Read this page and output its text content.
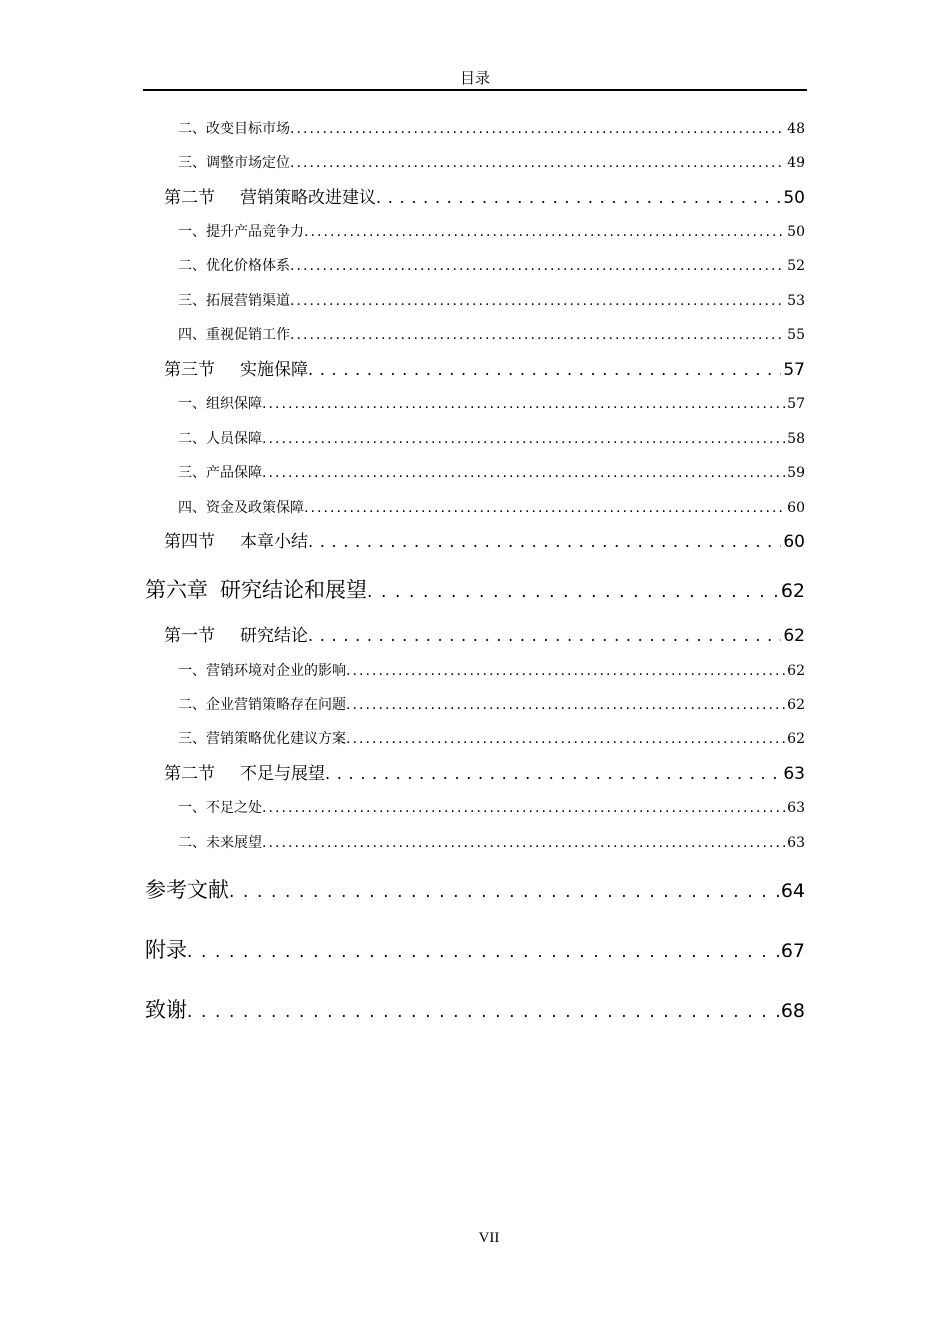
目录
二、改变目标市场 . . .	48
三、调整市场定位 . . .	49
第二节 营销策略改进建议 . . .	50
一、提升产品竞争力 . . .	50
二、优化价格体系 . . .	52
三、拓展营销渠道 . . .	53
四、重视促销工作 . . .	55
第三节 实施保障 . . .	57
一、组织保障 . . .	57
二、人员保障 . . .	58
三、产品保障 . . .	59
四、资金及政策保障 . . .	60
第四节 本章小结 . . .	60
第六章 研究结论和展望 . . .	62
第一节 研究结论 . . .	62
一、营销环境对企业的影响 . . .	62
二、企业营销策略存在问题 . . .	62
三、营销策略优化建议方案 . . .	62
第二节 不足与展望 . . .	63
一、不足之处 . . .	63
二、未来展望 . . .	63
参考文献 . . .	64
附录 . . .	67
致谢 . . .	68
VII
